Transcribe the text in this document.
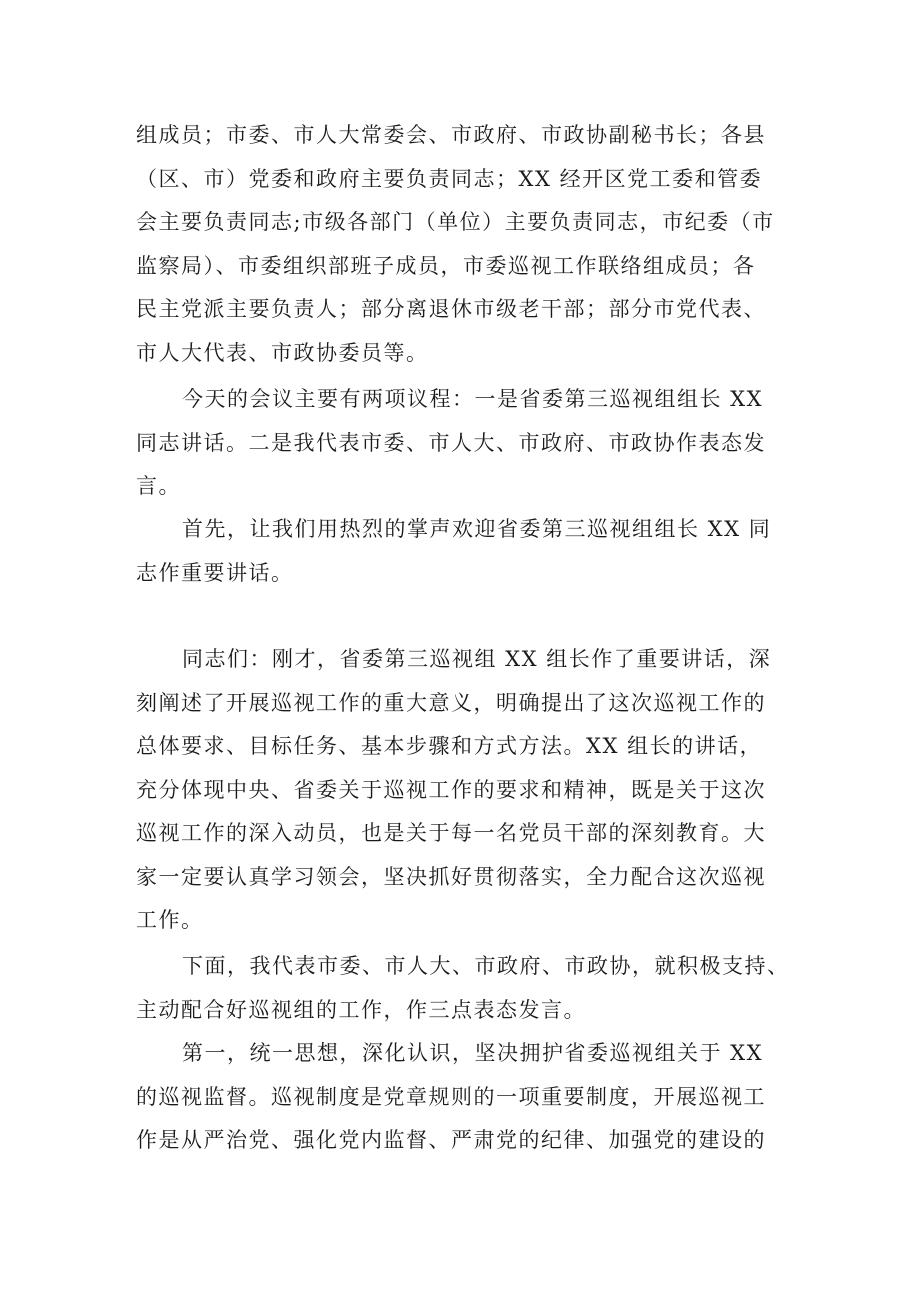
组成员；市委、市人大常委会、市政府、市政协副秘书长；各县
（区、市）党委和政府主要负责同志；XX 经开区党工委和管委
会主要负责同志;市级各部门（单位）主要负责同志，市纪委（市
监察局）、市委组织部班子成员，市委巡视工作联络组成员；各
民主党派主要负责人；部分离退休市级老干部；部分市党代表、
市人大代表、市政协委员等。
今天的会议主要有两项议程：一是省委第三巡视组组长 XX
同志讲话。二是我代表市委、市人大、市政府、市政协作表态发
言。
首先，让我们用热烈的掌声欢迎省委第三巡视组组长 XX 同
志作重要讲话。
同志们：刚才，省委第三巡视组 XX 组长作了重要讲话，深
刻阐述了开展巡视工作的重大意义，明确提出了这次巡视工作的
总体要求、目标任务、基本步骤和方式方法。XX 组长的讲话，
充分体现中央、省委关于巡视工作的要求和精神，既是关于这次
巡视工作的深入动员，也是关于每一名党员干部的深刻教育。大
家一定要认真学习领会，坚决抓好贯彻落实，全力配合这次巡视
工作。
下面，我代表市委、市人大、市政府、市政协，就积极支持、
主动配合好巡视组的工作，作三点表态发言。
第一，统一思想，深化认识，坚决拥护省委巡视组关于 XX
的巡视监督。巡视制度是党章规则的一项重要制度，开展巡视工
作是从严治党、强化党内监督、严肃党的纪律、加强党的建设的
